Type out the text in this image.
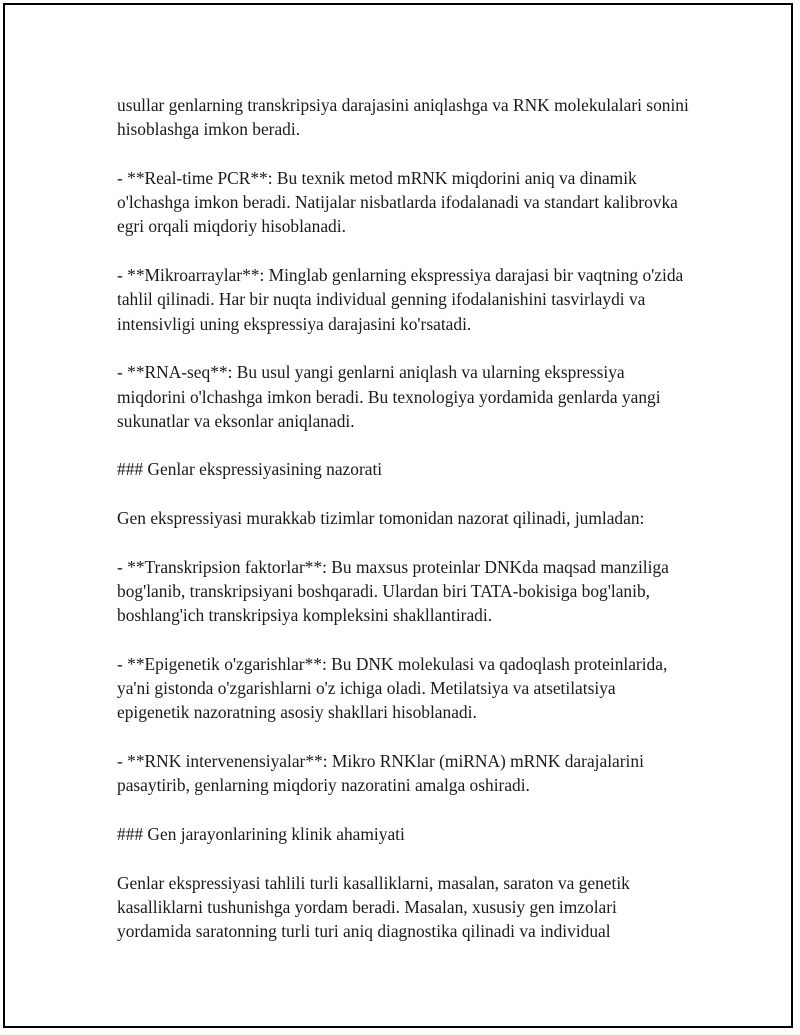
usullar genlarning transkripsiya darajasini aniqlashga va RNK molekulalari sonini hisoblashga imkon beradi.

- **Real-time PCR**: Bu texnik metod mRNK miqdorini aniq va dinamik o'lchashga imkon beradi. Natijalar nisbatlarda ifodalanadi va standart kalibrovka egri orqali miqdoriy hisoblanadi.

- **Mikroarraylar**: Minglab genlarning ekspressiya darajasi bir vaqtning o'zida tahlil qilinadi. Har bir nuqta individual genning ifodalanishini tasvirlaydi va intensivligi uning ekspressiya darajasini ko'rsatadi.

- **RNA-seq**: Bu usul yangi genlarni aniqlash va ularning ekspressiya miqdorini o'lchashga imkon beradi. Bu texnologiya yordamida genlarda yangi sukunatlar va eksonlar aniqlanadi.

### Genlar ekspressiyasining nazorati

Gen ekspressiyasi murakkab tizimlar tomonidan nazorat qilinadi, jumladan:

- **Transkripsion faktorlar**: Bu maxsus proteinlar DNKda maqsad manziliga bog'lanib, transkripsiyani boshqaradi. Ulardan biri TATA-bokisiga bog'lanib, boshlang'ich transkripsiya kompleksini shakllantiradi.

- **Epigenetik o'zgarishlar**: Bu DNK molekulasi va qadoqlash proteinlarida, ya'ni gistonda o'zgarishlarni o'z ichiga oladi. Metilatsiya va atsetilatsiya epigenetik nazoratning asosiy shakllari hisoblanadi.

- **RNK intervenensiyalar**: Mikro RNKlar (miRNA) mRNK darajalarini pasaytirib, genlarning miqdoriy nazoratini amalga oshiradi.

### Gen jarayonlarining klinik ahamiyati

Genlar ekspressiyasi tahlili turli kasalliklarni, masalan, saraton va genetik kasalliklarni tushunishga yordam beradi. Masalan, xususiy gen imzolari yordamida saratonning turli turi aniq diagnostika qilinadi va individual
